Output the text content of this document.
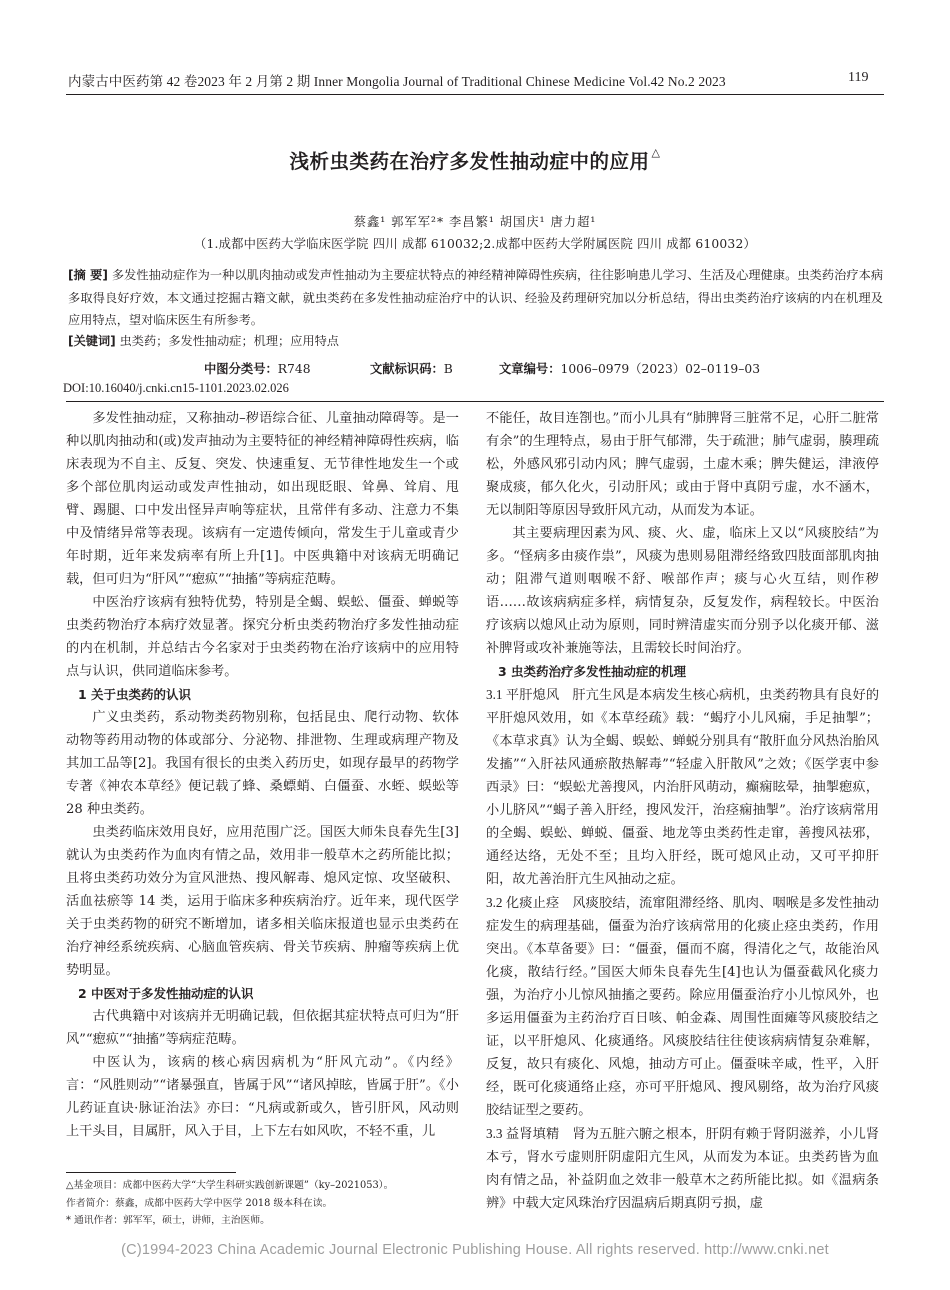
内蒙古中医药第 42 卷2023 年 2 月第 2 期 Inner Mongolia Journal of Traditional Chinese Medicine Vol.42 No.2 2023	119
浅析虫类药在治疗多发性抽动症中的应用 △
蔡鑫¹ 郭军军²* 李昌繁¹ 胡国庆¹ 唐力超¹
（1.成都中医药大学临床医学院 四川 成都 610032;2.成都中医药大学附属医院 四川 成都 610032）
[摘 要] 多发性抽动症作为一种以肌肉抽动或发声性抽动为主要症状特点的神经精神障碍性疾病，往往影响患儿学习、生活及心理健康。虫类药治疗本病多取得良好疗效，本文通过挖掘古籍文献，就虫类药在多发性抽动症治疗中的认识、经验及药理研究加以分析总结，得出虫类药治疗该病的内在机理及应用特点，望对临床医生有所参考。
[关键词] 虫类药；多发性抽动症；机理；应用特点
中图分类号：R748	文献标识码：B	文章编号：1006–0979（2023）02–0119–03
DOI:10.16040/j.cnki.cn15-1101.2023.02.026

多发性抽动症，又称抽动–秽语综合征、儿童抽动障碍等。是一种以肌肉抽动和(或)发声抽动为主要特征的神经精神障碍性疾病，临床表现为不自主、反复、突发、快速重复、无节律性地发生一个或多个部位肌肉运动或发声性抽动，如出现眨眼、耸鼻、耸肩、甩臂、踢腿、口中发出怪异声响等症状，且常伴有多动、注意力不集中及情绪异常等表现。该病有一定遗传倾向，常发生于儿童或青少年时期，近年来发病率有所上升[1]。中医典籍中对该病无明确记载，但可归为“肝风”“瘛疭”“抽搐”等病症范畴。

中医治疗该病有独特优势，特别是全蝎、蜈蚣、僵蚕、蝉蜕等虫类药物治疗本病疗效显著。探究分析虫类药物治疗多发性抽动症的内在机制，并总结古今名家对于虫类药物在治疗该病中的应用特点与认识，供同道临床参考。

1 关于虫类药的认识

广义虫类药，系动物类药物别称，包括昆虫、爬行动物、软体动物等药用动物的体或部分、分泌物、排泄物、生理或病理产物及其加工品等[2]。我国有很长的虫类入药历史，如现存最早的药物学专著《神农本草经》便记载了蜂、桑螵蛸、白僵蚕、水蛭、蜈蚣等 28 种虫类药。

虫类药临床效用良好，应用范围广泛。国医大师朱良春先生[3]就认为虫类药作为血肉有情之品，效用非一般草木之药所能比拟；且将虫类药功效分为宣风泄热、搜风解毒、熄风定惊、攻坚破积、活血祛瘀等 14 类，运用于临床多种疾病治疗。近年来，现代医学关于虫类药物的研究不断增加，诸多相关临床报道也显示虫类药在治疗神经系统疾病、心脑血管疾病、骨关节疾病、肿瘤等疾病上优势明显。

2 中医对于多发性抽动症的认识

古代典籍中对该病并无明确记载，但依据其症状特点可归为“肝风”“瘛疭”“抽搐”等病症范畴。

中医认为，该病的核心病因病机为“肝风亢动”。《内经》言：“风胜则动”“诸暴强直，皆属于风”“诸风掉眩，皆属于肝”。《小儿药证直诀·脉证治法》亦曰：“凡病或新或久，皆引肝风，风动则上干头目，目属肝，风入于目，上下左右如风吹，不轻不重，儿

不能任，故目连劄也。”而小儿具有“肺脾肾三脏常不足，心肝二脏常有余”的生理特点，易由于肝气郁滞，失于疏泄；肺气虚弱，腠理疏松，外感风邪引动内风；脾气虚弱，土虚木乘；脾失健运，津液停聚成痰，郁久化火，引动肝风；或由于肾中真阴亏虚，水不涵木，无以制阳等原因导致肝风亢动，从而发为本证。

其主要病理因素为风、痰、火、虚，临床上又以“风痰胶结”为多。“怪病多由痰作祟”，风痰为患则易阻滞经络致四肢面部肌肉抽动；阻滞气道则咽喉不舒、喉部作声；痰与心火互结，则作秽语……故该病病症多样，病情复杂，反复发作，病程较长。中医治疗该病以熄风止动为原则，同时辨清虚实而分别予以化痰开郁、滋补脾肾或攻补兼施等法，且需较长时间治疗。

3 虫类药治疗多发性抽动症的机理

3.1 平肝熄风 肝亢生风是本病发生核心病机，虫类药物具有良好的平肝熄风效用，如《本草经疏》载：“蝎疗小儿风痫，手足抽掣”；《本草求真》认为全蝎、蜈蚣、蝉蜕分别具有“散肝血分风热治胎风发搐”“入肝祛风通瘀散热解毒”“轻虚入肝散风”之效；《医学衷中参西录》曰：“蜈蚣尤善搜风，内治肝风萌动，癫痫眩晕，抽掣瘛疭，小儿脐风”“蝎子善入肝经，搜风发汗，治痉痫抽掣”。治疗该病常用的全蝎、蜈蚣、蝉蜕、僵蚕、地龙等虫类药性走窜，善搜风祛邪，通经达络，无处不至；且均入肝经，既可熄风止动，又可平抑肝阳，故尤善治肝亢生风抽动之症。

3.2 化痰止痉 风痰胶结，流窜阻滞经络、肌肉、咽喉是多发性抽动症发生的病理基础，僵蚕为治疗该病常用的化痰止痉虫类药，作用突出。《本草备要》曰：“僵蚕，僵而不腐，得清化之气，故能治风化痰，散结行经。”国医大师朱良春先生[4]也认为僵蚕截风化痰力强，为治疗小儿惊风抽搐之要药。除应用僵蚕治疗小儿惊风外，也多运用僵蚕为主药治疗百日咳、帕金森、周围性面瘫等风痰胶结之证，以平肝熄风、化痰通络。风痰胶结往往使该病病情复杂难解，反复，故只有痰化、风熄，抽动方可止。僵蚕味辛咸，性平，入肝经，既可化痰通络止痉，亦可平肝熄风、搜风剔络，故为治疗风痰胶结证型之要药。

3.3 益肾填精 肾为五脏六腑之根本，肝阴有赖于肾阴滋养，小儿肾本亏，肾水亏虚则肝阴虚阳亢生风，从而发为本证。虫类药皆为血肉有情之品，补益阴血之效非一般草木之药所能比拟。如《温病条辨》中载大定风珠治疗因温病后期真阴亏损，虚

△基金项目：成都中医药大学“大学生科研实践创新课题”（ky–2021053）。
作者简介：蔡鑫，成都中医药大学中医学 2018 级本科在读。
* 通讯作者：郭军军，硕士，讲师，主治医师。
(C)1994-2023 China Academic Journal Electronic Publishing House. All rights reserved. http://www.cnki.net
